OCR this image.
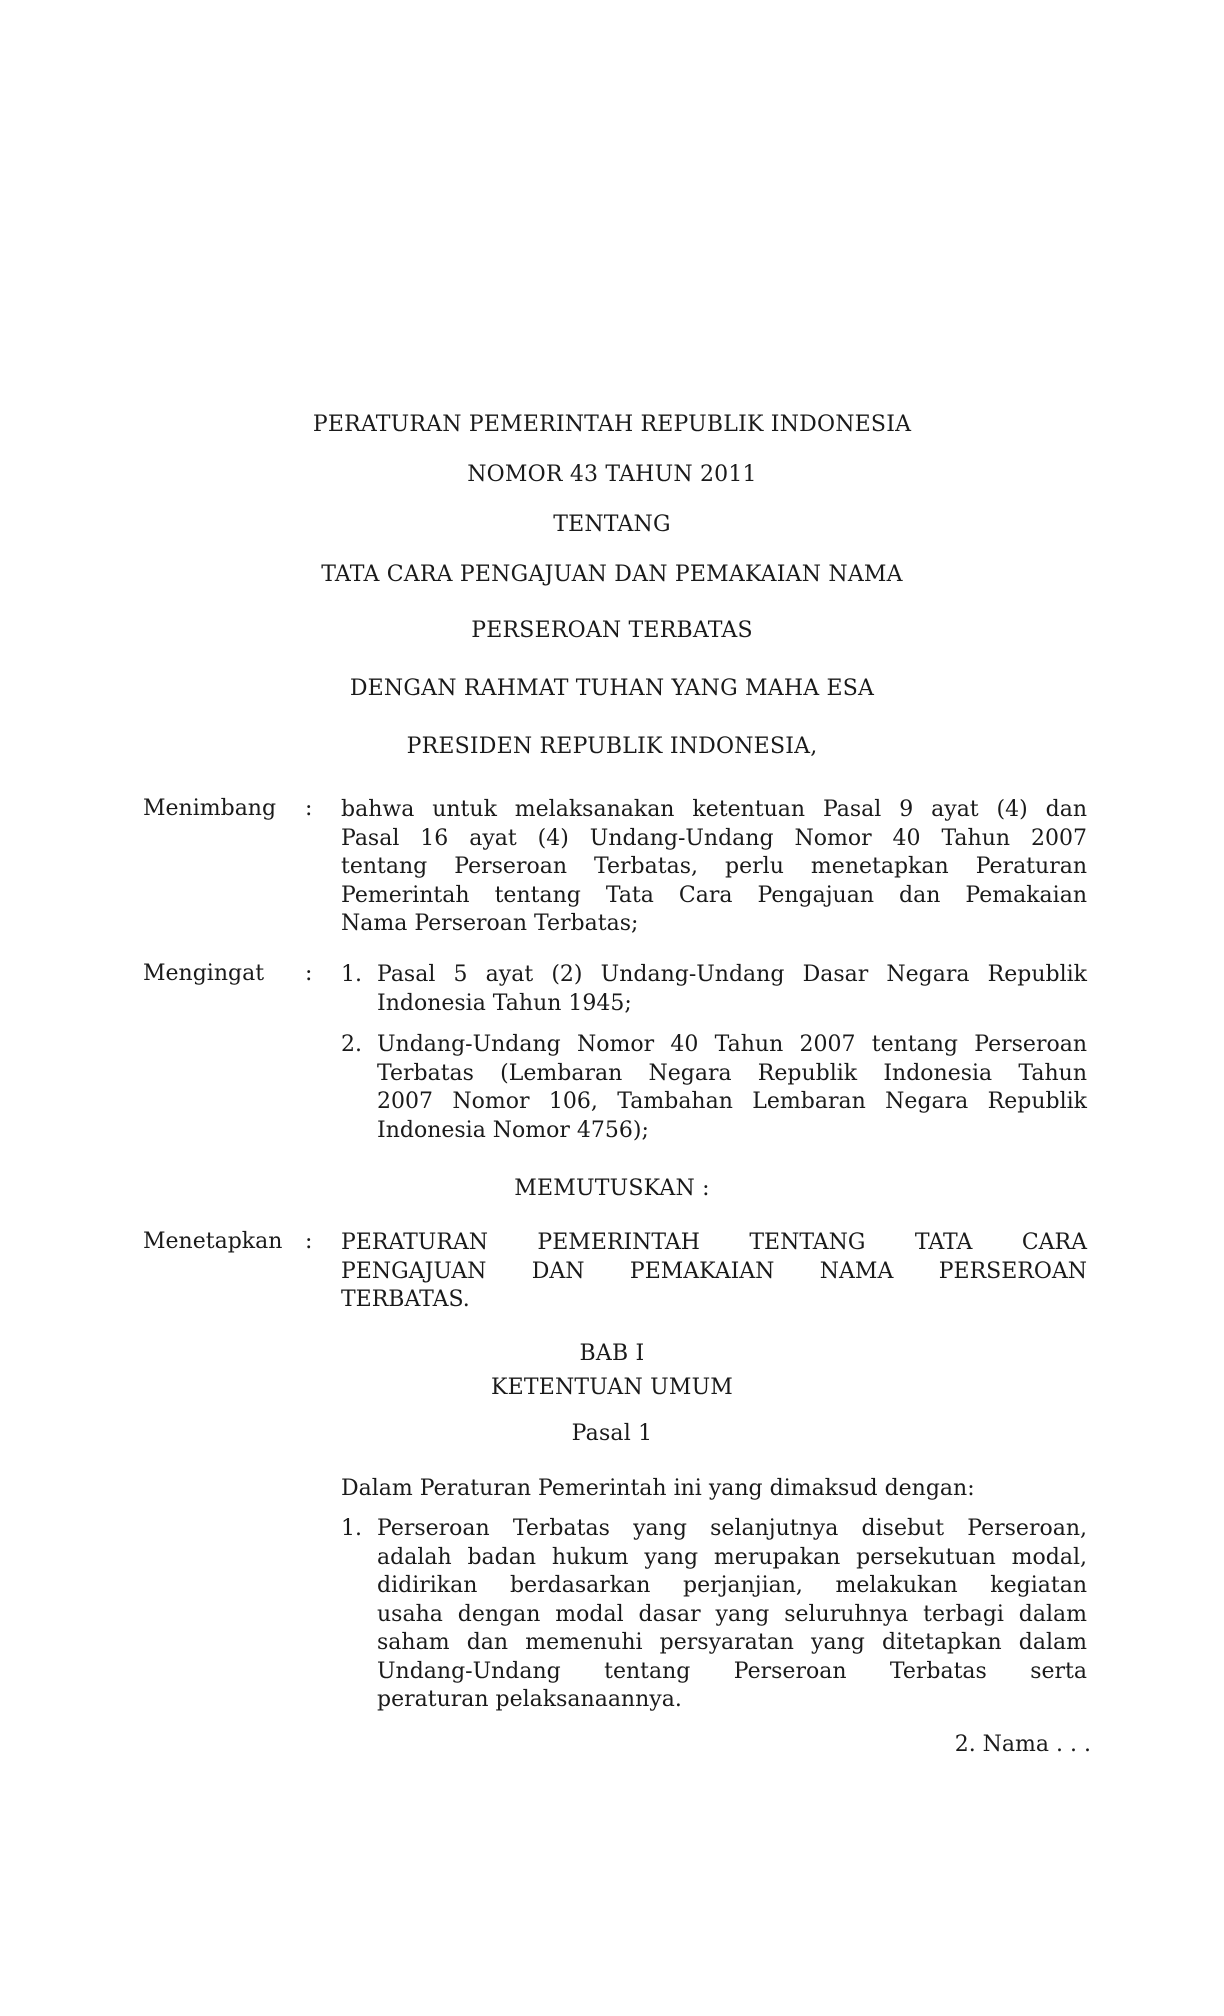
PERATURAN PEMERINTAH REPUBLIK INDONESIA
NOMOR 43 TAHUN 2011
TENTANG
TATA CARA PENGAJUAN DAN PEMAKAIAN NAMA
PERSEROAN TERBATAS
DENGAN RAHMAT TUHAN YANG MAHA ESA
PRESIDEN REPUBLIK INDONESIA,
Menimbang : bahwa untuk melaksanakan ketentuan Pasal 9 ayat (4) dan
Pasal 16 ayat (4) Undang-Undang Nomor 40 Tahun 2007
tentang Perseroan Terbatas, perlu menetapkan Peraturan
Pemerintah tentang Tata Cara Pengajuan dan Pemakaian
Nama Perseroan Terbatas;
Mengingat : 1. Pasal 5 ayat (2) Undang-Undang Dasar Negara Republik
Indonesia Tahun 1945;
2. Undang-Undang Nomor 40 Tahun 2007 tentang Perseroan
Terbatas (Lembaran Negara Republik Indonesia Tahun
2007 Nomor 106, Tambahan Lembaran Negara Republik
Indonesia Nomor 4756);
MEMUTUSKAN :
Menetapkan : PERATURAN PEMERINTAH TENTANG TATA CARA
PENGAJUAN DAN PEMAKAIAN NAMA PERSEROAN
TERBATAS.
BAB I
KETENTUAN UMUM
Pasal 1
Dalam Peraturan Pemerintah ini yang dimaksud dengan:
1. Perseroan Terbatas yang selanjutnya disebut Perseroan,
adalah badan hukum yang merupakan persekutuan modal,
didirikan berdasarkan perjanjian, melakukan kegiatan
usaha dengan modal dasar yang seluruhnya terbagi dalam
saham dan memenuhi persyaratan yang ditetapkan dalam
Undang-Undang tentang Perseroan Terbatas serta
peraturan pelaksanaannya.
2. Nama . . .
